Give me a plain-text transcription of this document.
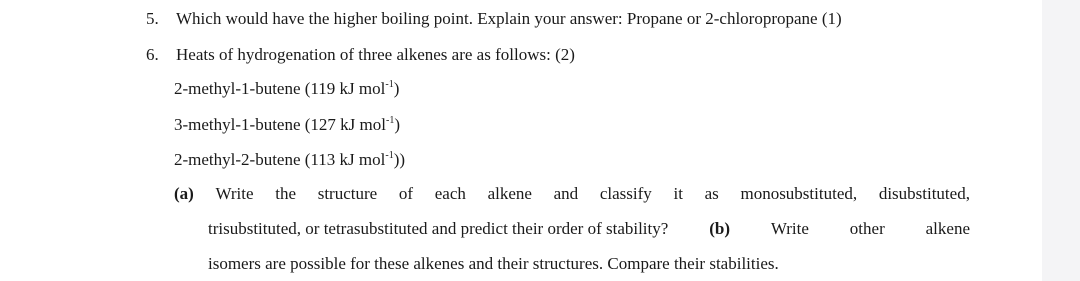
5.	Which would have the higher boiling point. Explain your answer: Propane or 2-chloropropane (1)
6.	Heats of hydrogenation of three alkenes are as follows: (2)
2-methyl-1-butene (119 kJ mol$^{-1}$)
3-methyl-1-butene (127 kJ mol$^{-1}$)
2-methyl-2-butene (113 kJ mol$^{-1}$))
(a) Write the structure of each alkene and classify it as monosubstituted, disubstituted,
trisubstituted, or tetrasubstituted and predict their order of stability? (b) Write other alkene
isomers are possible for these alkenes and their structures. Compare their stabilities.
